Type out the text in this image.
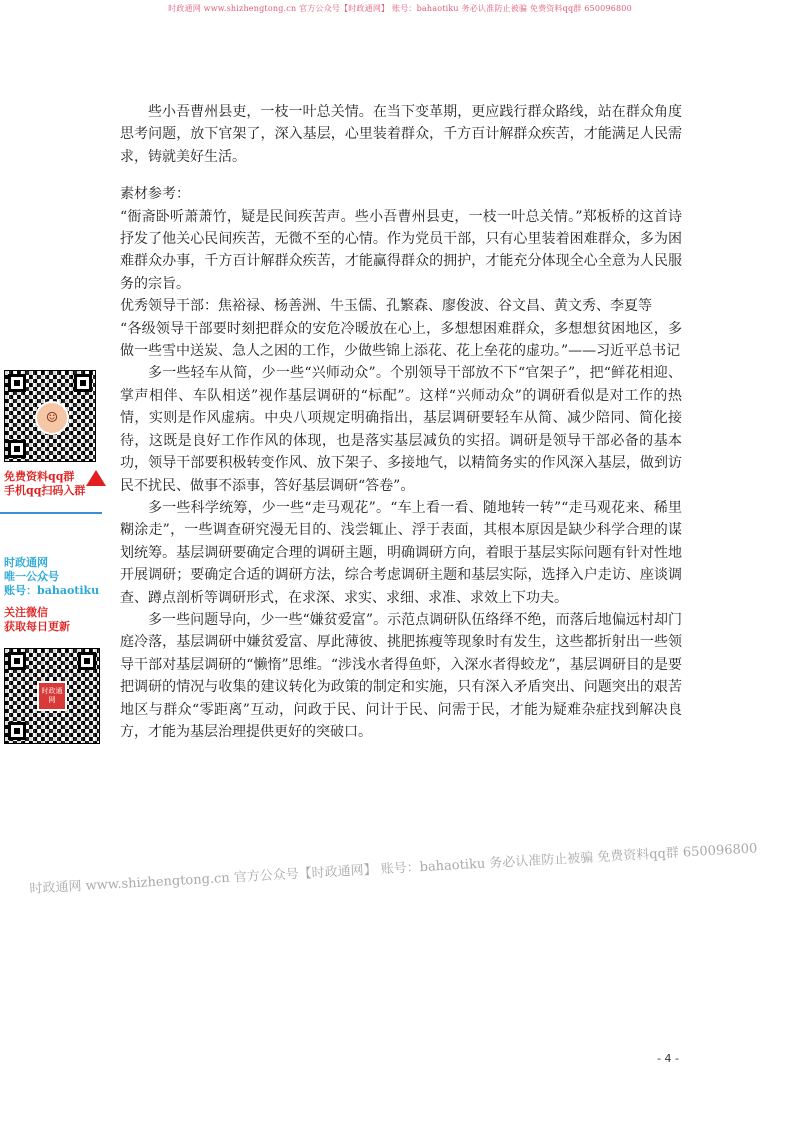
时政通网 www.shizhengtong.cn 官方公众号【时政通网】 账号：bahaotiku 务必认准防止被骗 免费资料qq群 650096800

些小吾曹州县吏，一枝一叶总关情。在当下变革期，更应践行群众路线，站在群众角度思考问题，放下官架了，深入基层，心里装着群众，千方百计解群众疾苦，才能满足人民需求，铸就美好生活。

素材参考：

“衙斋卧听萧萧竹，疑是民间疾苦声。些小吾曹州县吏，一枝一叶总关情。”郑板桥的这首诗抒发了他关心民间疾苦，无微不至的心情。作为党员干部，只有心里装着困难群众，多为困难群众办事，千方百计解群众疾苦，才能赢得群众的拥护，才能充分体现全心全意为人民服务的宗旨。

优秀领导干部：焦裕禄、杨善洲、牛玉儒、孔繁森、廖俊波、谷文昌、黄文秀、李夏等

“各级领导干部要时刻把群众的安危冷暖放在心上，多想想困难群众，多想想贫困地区，多做一些雪中送炭、急人之困的工作，少做些锦上添花、花上垒花的虚功。”——习近平总书记

多一些轻车从简，少一些“兴师动众”。个别领导干部放不下“官架子”，把“鲜花相迎、掌声相伴、车队相送”视作基层调研的“标配”。这样“兴师动众”的调研看似是对工作的热情，实则是作风虚病。中央八项规定明确指出，基层调研要轻车从简、减少陪同、简化接待，这既是良好工作作风的体现，也是落实基层减负的实招。调研是领导干部必备的基本功，领导干部要积极转变作风、放下架子、多接地气，以精简务实的作风深入基层，做到访民不扰民、做事不添事，答好基层调研“答卷”。

多一些科学统筹，少一些“走马观花”。“车上看一看、随地转一转”“走马观花来、稀里糊涂走”，一些调查研究漫无目的、浅尝辄止、浮于表面，其根本原因是缺少科学合理的谋划统筹。基层调研要确定合理的调研主题，明确调研方向，着眼于基层实际问题有针对性地开展调研；要确定合适的调研方法，综合考虑调研主题和基层实际，选择入户走访、座谈调查、蹲点剖析等调研形式，在求深、求实、求细、求准、求效上下功夫。

多一些问题导向，少一些“嫌贫爱富”。示范点调研队伍络绎不绝，而落后地偏远村却门庭冷落，基层调研中嫌贫爱富、厚此薄彼、挑肥拣瘦等现象时有发生，这些都折射出一些领导干部对基层调研的“懒惰”思维。“涉浅水者得鱼虾，入深水者得蛟龙”，基层调研目的是要把调研的情况与收集的建议转化为政策的制定和实施，只有深入矛盾突出、问题突出的艰苦地区与群众“零距离”互动，问政于民、问计于民、问需于民，才能为疑难杂症找到解决良方，才能为基层治理提供更好的突破口。

☺
免费资料qq群
手机qq扫码入群
时政通网
唯一公众号
账号：bahaotiku
关注微信
获取每日更新
时政通网
时政通网 www.shizhengtong.cn 官方公众号【时政通网】 账号：bahaotiku 务必认准防止被骗 免费资料qq群 650096800
- 4 -
